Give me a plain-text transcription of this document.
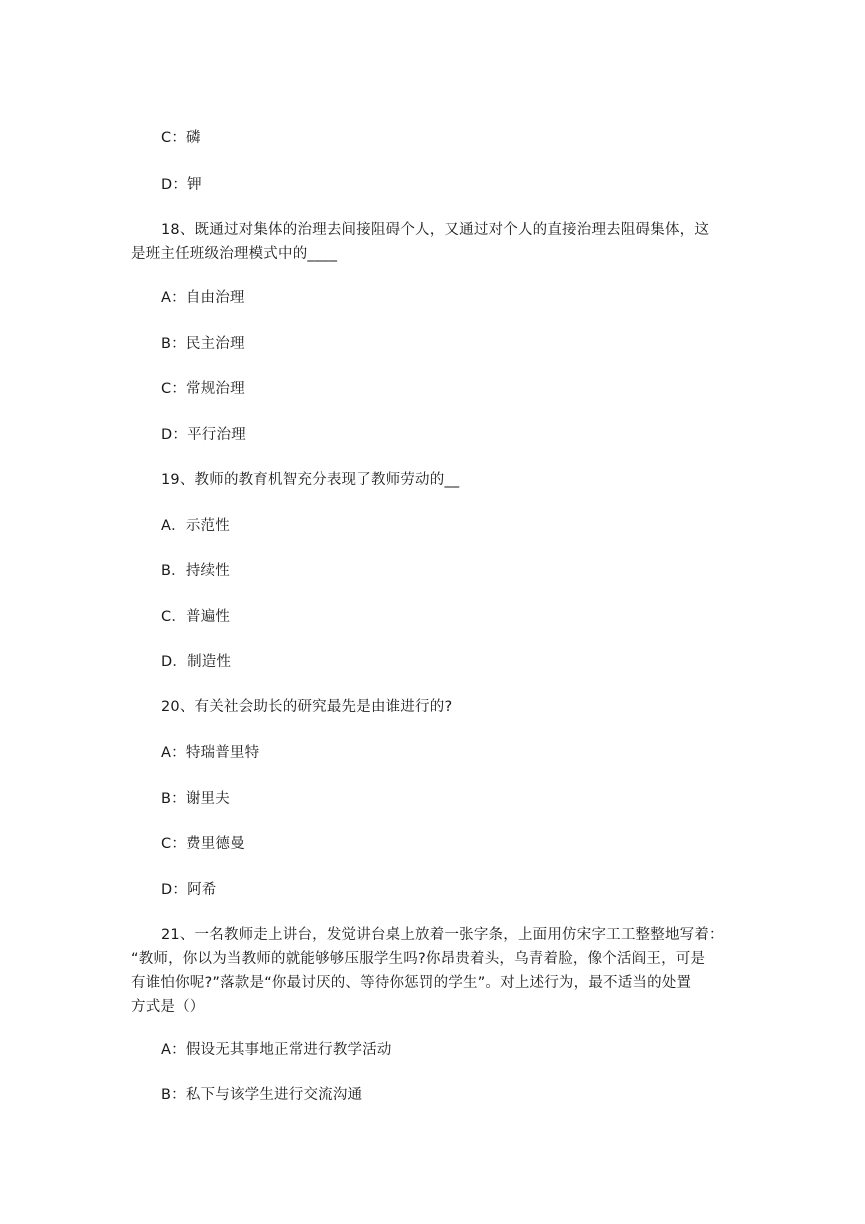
C：磷
D：钾
18、既通过对集体的治理去间接阻碍个人，又通过对个人的直接治理去阻碍集体，这
是班主任班级治理模式中的____
A：自由治理
B：民主治理
C：常规治理
D：平行治理
19、教师的教育机智充分表现了教师劳动的__
A．示范性
B．持续性
C．普遍性
D．制造性
20、有关社会助长的研究最先是由谁进行的?
A：特瑞普里特
B：谢里夫
C：费里德曼
D：阿希
21、一名教师走上讲台，发觉讲台桌上放着一张字条，上面用仿宋字工工整整地写着：
“教师，你以为当教师的就能够够压服学生吗?你昂贵着头，乌青着脸，像个活阎王，可是
有谁怕你呢?”落款是“你最讨厌的、等待你惩罚的学生”。对上述行为，最不适当的处置
方式是（）
A：假设无其事地正常进行教学活动
B：私下与该学生进行交流沟通
